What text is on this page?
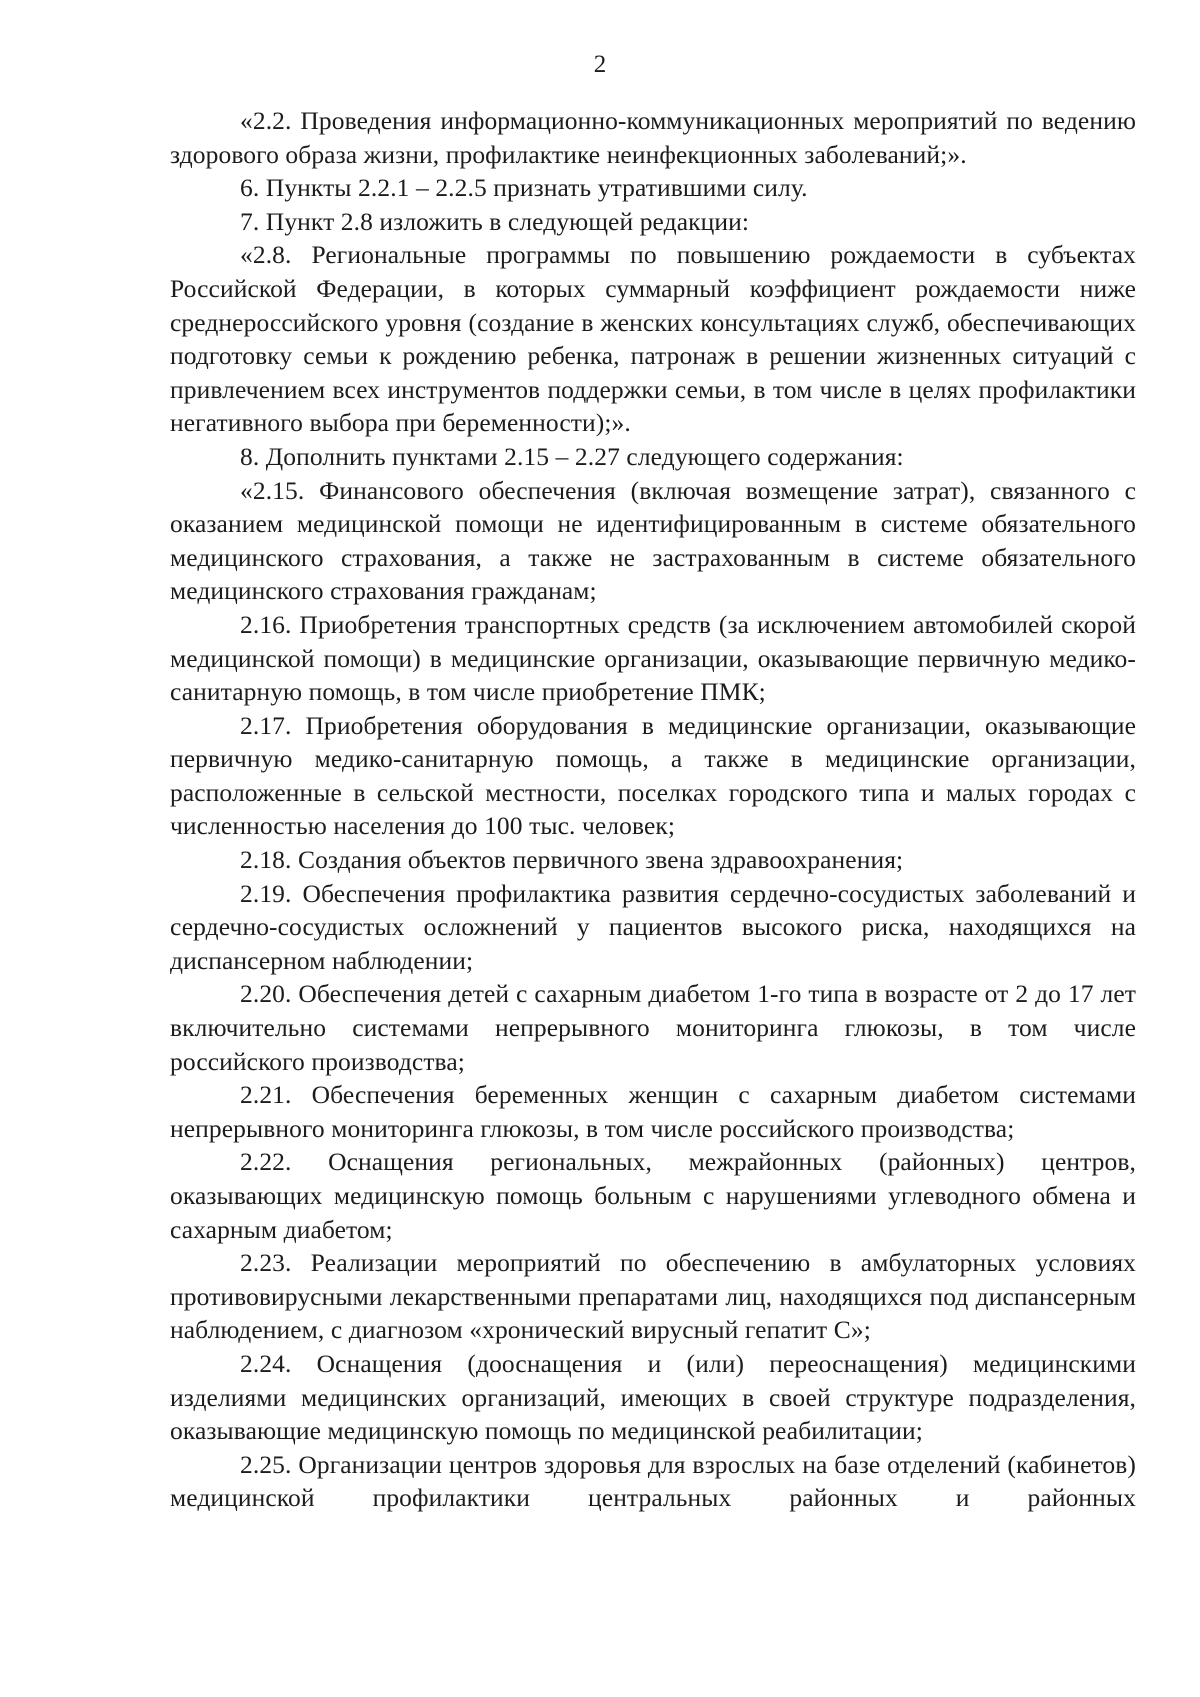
2

«2.2. Проведения информационно-коммуникационных мероприятий по ведению здорового образа жизни, профилактике неинфекционных заболеваний;».

6. Пункты 2.2.1 – 2.2.5 признать утратившими силу.

7. Пункт 2.8 изложить в следующей редакции:

«2.8. Региональные программы по повышению рождаемости в субъектах Российской Федерации, в которых суммарный коэффициент рождаемости ниже среднероссийского уровня (создание в женских консультациях служб, обеспечивающих подготовку семьи к рождению ребенка, патронаж в решении жизненных ситуаций с привлечением всех инструментов поддержки семьи, в том числе в целях профилактики негативного выбора при беременности);».

8. Дополнить пунктами 2.15 – 2.27 следующего содержания:

«2.15. Финансового обеспечения (включая возмещение затрат), связанного с оказанием медицинской помощи не идентифицированным в системе обязательного медицинского страхования, а также не застрахованным в системе обязательного медицинского страхования гражданам;

2.16. Приобретения транспортных средств (за исключением автомобилей скорой медицинской помощи) в медицинские организации, оказывающие первичную медико-санитарную помощь, в том числе приобретение ПМК;

2.17. Приобретения оборудования в медицинские организации, оказывающие первичную медико-санитарную помощь, а также в медицинские организации, расположенные в сельской местности, поселках городского типа и малых городах с численностью населения до 100 тыс. человек;

2.18. Создания объектов первичного звена здравоохранения;

2.19. Обеспечения профилактика развития сердечно-сосудистых заболеваний и сердечно-сосудистых осложнений у пациентов высокого риска, находящихся на диспансерном наблюдении;

2.20. Обеспечения детей с сахарным диабетом 1-го типа в возрасте от 2 до 17 лет включительно системами непрерывного мониторинга глюкозы, в том числе российского производства;

2.21. Обеспечения беременных женщин с сахарным диабетом системами непрерывного мониторинга глюкозы, в том числе российского производства;

2.22. Оснащения региональных, межрайонных (районных) центров, оказывающих медицинскую помощь больным с нарушениями углеводного обмена и сахарным диабетом;

2.23. Реализации мероприятий по обеспечению в амбулаторных условиях противовирусными лекарственными препаратами лиц, находящихся под диспансерным наблюдением, с диагнозом «хронический вирусный гепатит С»;

2.24. Оснащения (дооснащения и (или) переоснащения) медицинскими изделиями медицинских организаций, имеющих в своей структуре подразделения, оказывающие медицинскую помощь по медицинской реабилитации;

2.25. Организации центров здоровья для взрослых на базе отделений (кабинетов) медицинской профилактики центральных районных и районных
